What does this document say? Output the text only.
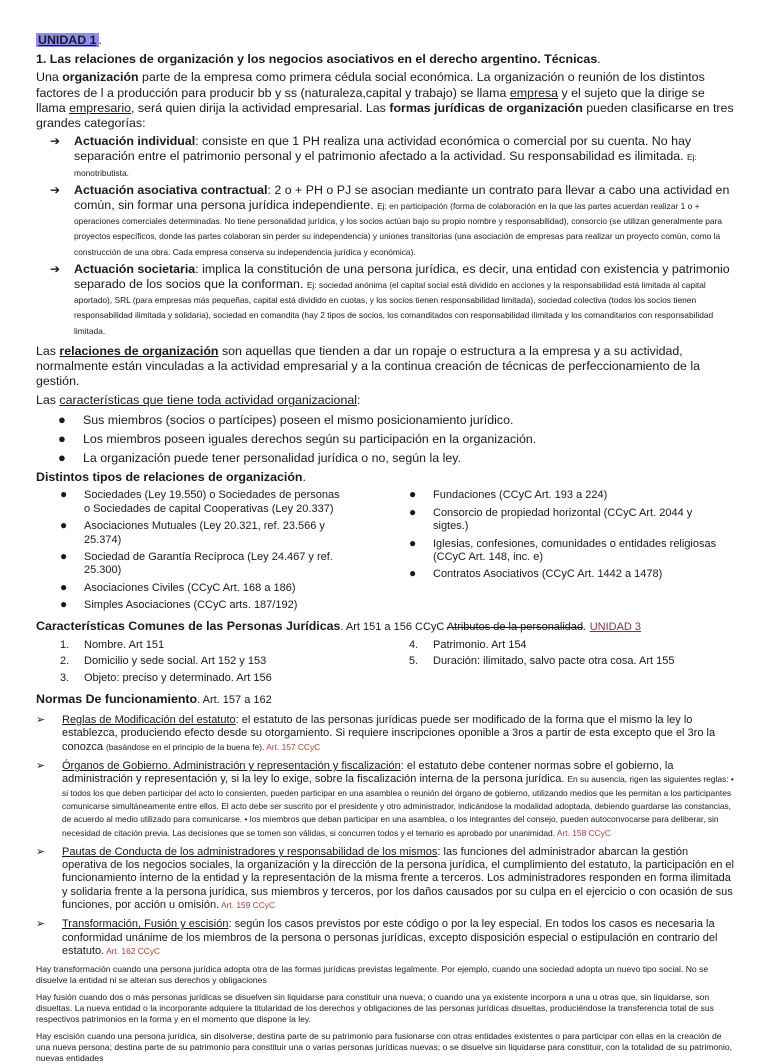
UNIDAD 1 .
1. Las relaciones de organización y los negocios asociativos en el derecho argentino. Técnicas.
Una organización parte de la empresa como primera cédula social económica. La organización o reunión de los distintos factores de l a producción para producir bb y ss (naturaleza,capital y trabajo) se llama empresa y el sujeto que la dirige se llama empresario, será quien dirija la actividad empresarial. Las formas jurídicas de organización pueden clasificarse en tres grandes categorías:
➔ Actuación individual: consiste en que 1 PH realiza una actividad económica o comercial por su cuenta. No hay separación entre el patrimonio personal y el patrimonio afectado a la actividad. Su responsabilidad es ilimitada. Ej: monotributista.
➔ Actuación asociativa contractual: 2 o + PH o PJ se asocian mediante un contrato para llevar a cabo una actividad en común, sin formar una persona jurídica independiente. Ej: en participación (forma de colaboración en la que las partes acuerdan realizar 1 o + operaciones comerciales determinadas. No tiene personalidad jurídica, y los socios actúan bajo su propio nombre y responsabilidad), consorcio (se utilizan generalmente para proyectos específicos, donde las partes colaboran sin perder su independencia) y uniones transitorias (una asociación de empresas para realizar un proyecto común, como la construcción de una obra. Cada empresa conserva su independencia jurídica y económica).
➔ Actuación societaria: implica la constitución de una persona jurídica, es decir, una entidad con existencia y patrimonio separado de los socios que la conforman. Ej: sociedad anónima (el capital social está dividido en acciones y la responsabilidad está limitada al capital aportado), SRL (para empresas más pequeñas, capital está dividido en cuotas, y los socios tienen responsabilidad limitada), sociedad colectiva (todos los socios tienen responsabilidad ilimitada y solidaria), sociedad en comandita (hay 2 tipos de socios, los comanditados con responsabilidad ilimitada y los comanditarios con responsabilidad limitada.
Las relaciones de organización son aquellas que tienden a dar un ropaje o estructura a la empresa y a su actividad, normalmente están vinculadas a la actividad empresarial y a la continua creación de técnicas de perfeccionamiento de la gestión.
Las características que tiene toda actividad organizacional:
● Sus miembros (socios o partícipes) poseen el mismo posicionamiento jurídico.
● Los miembros poseen iguales derechos según su participación en la organización.
● La organización puede tener personalidad jurídica o no, según la ley.
Distintos tipos de relaciones de organización.
● Sociedades (Ley 19.550) o Sociedades de personas o Sociedades de capital Cooperativas (Ley 20.337)
● Asociaciones Mutuales (Ley 20.321, ref. 23.566 y 25.374)
● Sociedad de Garantía Recíproca (Ley 24.467 y ref. 25.300)
● Asociaciones Civiles (CCyC Art. 168 a 186)
● Simples Asociaciones (CCyC arts. 187/192)
● Fundaciones (CCyC Art. 193 a 224)
● Consorcio de propiedad horizontal (CCyC Art. 2044 y sigtes.)
● Iglesias, confesiones, comunidades o entidades religiosas (CCyC Art. 148, inc. e)
● Contratos Asociativos (CCyC Art. 1442 a 1478)
Características Comunes de las Personas Jurídicas. Art 151 a 156 CCyC Atributos de la personalidad. UNIDAD 3
1. Nombre. Art 151
2. Domicilio y sede social. Art 152 y 153
3. Objeto: preciso y determinado. Art 156
4. Patrimonio. Art 154
5. Duración: ilimitado, salvo pacte otra cosa. Art 155
Normas De funcionamiento. Art. 157 a 162
➢ Reglas de Modificación del estatuto: el estatuto de las personas jurídicas puede ser modificado de la forma que el mismo la ley lo establezca, produciendo efecto desde su otorgamiento. Si requiere inscripciones oponible a 3ros a partir de esta excepto que el 3ro la conozca (basándose en el principio de la buena fe). Art. 157 CCyC
➢ Órganos de Gobierno. Administración y representación y fiscalización: el estatuto debe contener normas sobre el gobierno, la administración y representación y, si la ley lo exige, sobre la fiscalización interna de la persona jurídica. En su ausencia, rigen las siguientes reglas: • si todos los que deben participar del acto lo consienten, pueden participar en una asamblea o reunión del órgano de gobierno, utilizando medios que les permitan a los participantes comunicarse simultáneamente entre ellos. El acto debe ser suscrito por el presidente y otro administrador, indicándose la modalidad adoptada, debiendo guardarse las constancias, de acuerdo al medio utilizado para comunicarse. • los miembros que deban participar en una asamblea, o los integrantes del consejo, pueden autoconvocarse para deliberar, sin necesidad de citación previa. Las decisiones que se tomen son válidas, si concurren todos y el temario es aprobado por unanimidad. Art. 158 CCyC
➢ Pautas de Conducta de los administradores y responsabilidad de los mismos: las funciones del administrador abarcan la gestión operativa de los negocios sociales, la organización y la dirección de la persona jurídica, el cumplimiento del estatuto, la participación en el funcionamiento interno de la entidad y la representación de la misma frente a terceros. Los administradores responden en forma ilimitada y solidaria frente a la persona jurídica, sus miembros y terceros, por los daños causados por su culpa en el ejercicio o con ocasión de sus funciones, por acción u omisión. Art. 159 CCyC
➢ Transformación, Fusión y escisión: según los casos previstos por este código o por la ley especial. En todos los casos es necesaria la conformidad unánime de los miembros de la persona o personas jurídicas, excepto disposición especial o estipulación en contrario del estatuto. Art. 162 CCyC
Hay transformación cuando una persona jurídica adopta otra de las formas jurídicas previstas legalmente. Por ejemplo, cuando una sociedad adopta un nuevo tipo social. No se disuelve la entidad ni se alteran sus derechos y obligaciones
Hay fusión cuando dos o más personas jurídicas se disuelven sin liquidarse para constituir una nueva; o cuando una ya existente incorpora a una u otras que, sin liquidarse, son disueltas. La nueva entidad o la incorporante adquiere la titularidad de los derechos y obligaciones de las personas jurídicas disueltas, produciéndose la transferencia total de sus respectivos patrimonios en la forma y en el momento que dispone la ley.
Hay escisión cuando una persona jurídica, sin disolverse, destina parte de su patrimonio para fusionarse con otras entidades existentes o para participar con ellas en la creación de una nueva persona; destina parte de su patrimonio para constituir una o varias personas jurídicas nuevas; o se disuelve sin liquidarse para constituir, con la totalidad de su patrimonio, nuevas entidades
